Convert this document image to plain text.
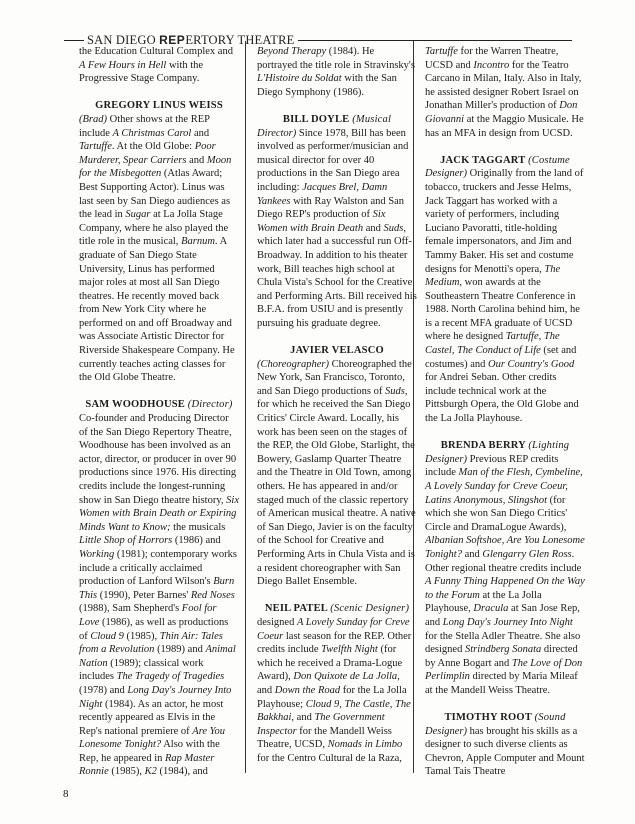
SAN DIEGO REPERTORY THEATRE

the Education Cultural Complex and A Few Hours in Hell with the Progressive Stage Company.

GREGORY LINUS WEISS

(Brad) Other shows at the REP include A Christmas Carol and Tartuffe. At the Old Globe: Poor Murderer, Spear Carriers and Moon for the Misbegotten (Atlas Award; Best Supporting Actor). Linus was last seen by San Diego audiences as the lead in Sugar at La Jolla Stage Company, where he also played the title role in the musical, Barnum. A graduate of San Diego State University, Linus has performed major roles at most all San Diego theatres. He recently moved back from New York City where he performed on and off Broadway and was Associate Artistic Director for Riverside Shakespeare Company. He currently teaches acting classes for the Old Globe Theatre.

SAM WOODHOUSE (Director)

Co-founder and Producing Director of the San Diego Repertory Theatre, Woodhouse has been involved as an actor, director, or producer in over 90 productions since 1976. His directing credits include the longest-running show in San Diego theatre history, Six Women with Brain Death or Expiring Minds Want to Know; the musicals Little Shop of Horrors (1986) and Working (1981); contemporary works include a critically acclaimed production of Lanford Wilson's Burn This (1990), Peter Barnes' Red Noses (1988), Sam Shepherd's Fool for Love (1986), as well as productions of Cloud 9 (1985), Thin Air: Tales from a Revolution (1989) and Animal Nation (1989); classical work includes The Tragedy of Tragedies (1978) and Long Day's Journey Into Night (1984). As an actor, he most recently appeared as Elvis in the Rep's national premiere of Are You Lonesome Tonight? Also with the Rep, he appeared in Rap Master Ronnie (1985), K2 (1984), and

Beyond Therapy (1984). He portrayed the title role in Stravinsky's L'Histoire du Soldat with the San Diego Symphony (1986).

BILL DOYLE (Musical

Director) Since 1978, Bill has been involved as performer/musician and musical director for over 40 productions in the San Diego area including: Jacques Brel, Damn Yankees with Ray Walston and San Diego REP's production of Six Women with Brain Death and Suds, which later had a successful run Off-Broadway. In addition to his theater work, Bill teaches high school at Chula Vista's School for the Creative and Performing Arts. Bill received his B.F.A. from USIU and is presently pursuing his graduate degree.

JAVIER VELASCO

(Choreographer) Choreographed the New York, San Francisco, Toronto, and San Diego productions of Suds, for which he received the San Diego Critics' Circle Award. Locally, his work has been seen on the stages of the REP, the Old Globe, Starlight, the Bowery, Gaslamp Quarter Theatre and the Theatre in Old Town, among others. He has appeared in and/or staged much of the classic repertory of American musical theatre. A native of San Diego, Javier is on the faculty of the School for Creative and Performing Arts in Chula Vista and is a resident choreographer with San Diego Ballet Ensemble.

NEIL PATEL (Scenic Designer)

designed A Lovely Sunday for Creve Coeur last season for the REP. Other credits include Twelfth Night (for which he received a Drama-Logue Award), Don Quixote de La Jolla, and Down the Road for the La Jolla Playhouse; Cloud 9, The Castle, The Bakkhai, and The Government Inspector for the Mandell Weiss Theatre, UCSD, Nomads in Limbo for the Centro Cultural de la Raza,

Tartuffe for the Warren Theatre, UCSD and Incontro for the Teatro Carcano in Milan, Italy. Also in Italy, he assisted designer Robert Israel on Jonathan Miller's production of Don Giovanni at the Maggio Musicale. He has an MFA in design from UCSD.

JACK TAGGART (Costume

Designer) Originally from the land of tobacco, truckers and Jesse Helms, Jack Taggart has worked with a variety of performers, including Luciano Pavoratti, title-holding female impersonators, and Jim and Tammy Baker. His set and costume designs for Menotti's opera, The Medium, won awards at the Southeastern Theatre Conference in 1988. North Carolina behind him, he is a recent MFA graduate of UCSD where he designed Tartuffe, The Castel, The Conduct of Life (set and costumes) and Our Country's Good for Andrei Seban. Other credits include technical work at the Pittsburgh Opera, the Old Globe and the La Jolla Playhouse.

BRENDA BERRY (Lighting

Designer) Previous REP credits include Man of the Flesh, Cymbeline, A Lovely Sunday for Creve Coeur, Latins Anonymous, Slingshot (for which she won San Diego Critics' Circle and DramaLogue Awards), Albanian Softshoe, Are You Lonesome Tonight? and Glengarry Glen Ross. Other regional theatre credits include A Funny Thing Happened On the Way to the Forum at the La Jolla Playhouse, Dracula at San Jose Rep, and Long Day's Journey Into Night for the Stella Adler Theatre. She also designed Strindberg Sonata directed by Anne Bogart and The Love of Don Perlimplin directed by Maria Mileaf at the Mandell Weiss Theatre.

TIMOTHY ROOT (Sound

Designer) has brought his skills as a designer to such diverse clients as Chevron, Apple Computer and Mount Tamal Tais Theatre

8
